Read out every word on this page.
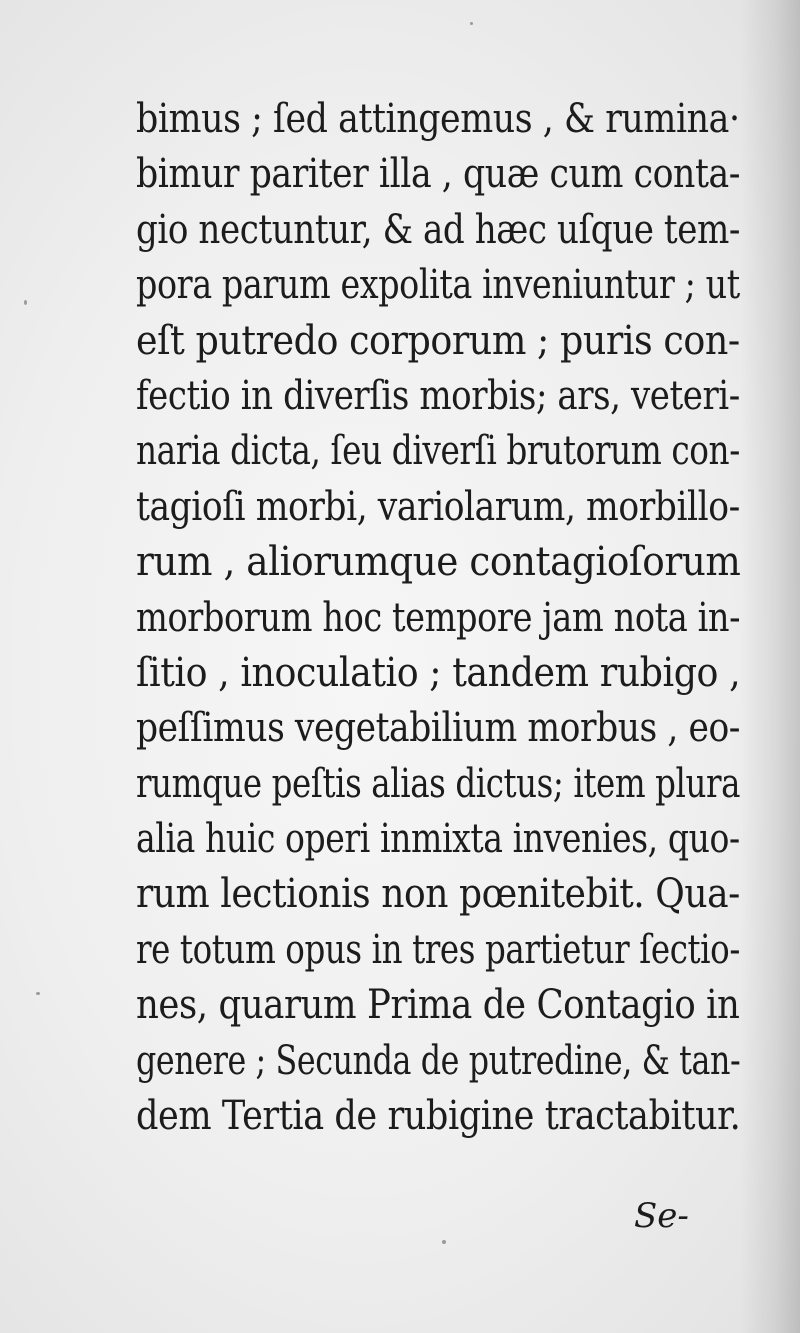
bimus ; ſed attingemus , & rumina·
bimur pariter illa , quæ cum conta-
gio nectuntur, & ad hæc uſque tem-
pora parum expolita inveniuntur ; ut
eſt putredo corporum ; puris con-
fectio in diverſis morbis; ars, veteri-
naria dicta, ſeu diverſi brutorum con-
tagioſi morbi, variolarum, morbillo-
rum , aliorumque contagioſorum
morborum hoc tempore jam nota in-
ſitio , inoculatio ; tandem rubigo ,
peſſimus vegetabilium morbus , eo-
rumque peſtis alias dictus; item plura
alia huic operi inmixta invenies, quo-
rum lectionis non pœnitebit. Qua-
re totum opus in tres partietur ſectio-
nes, quarum Prima de Contagio in
genere ; Secunda de putredine, & tan-
dem Tertia de rubigine tractabitur.
Se-
